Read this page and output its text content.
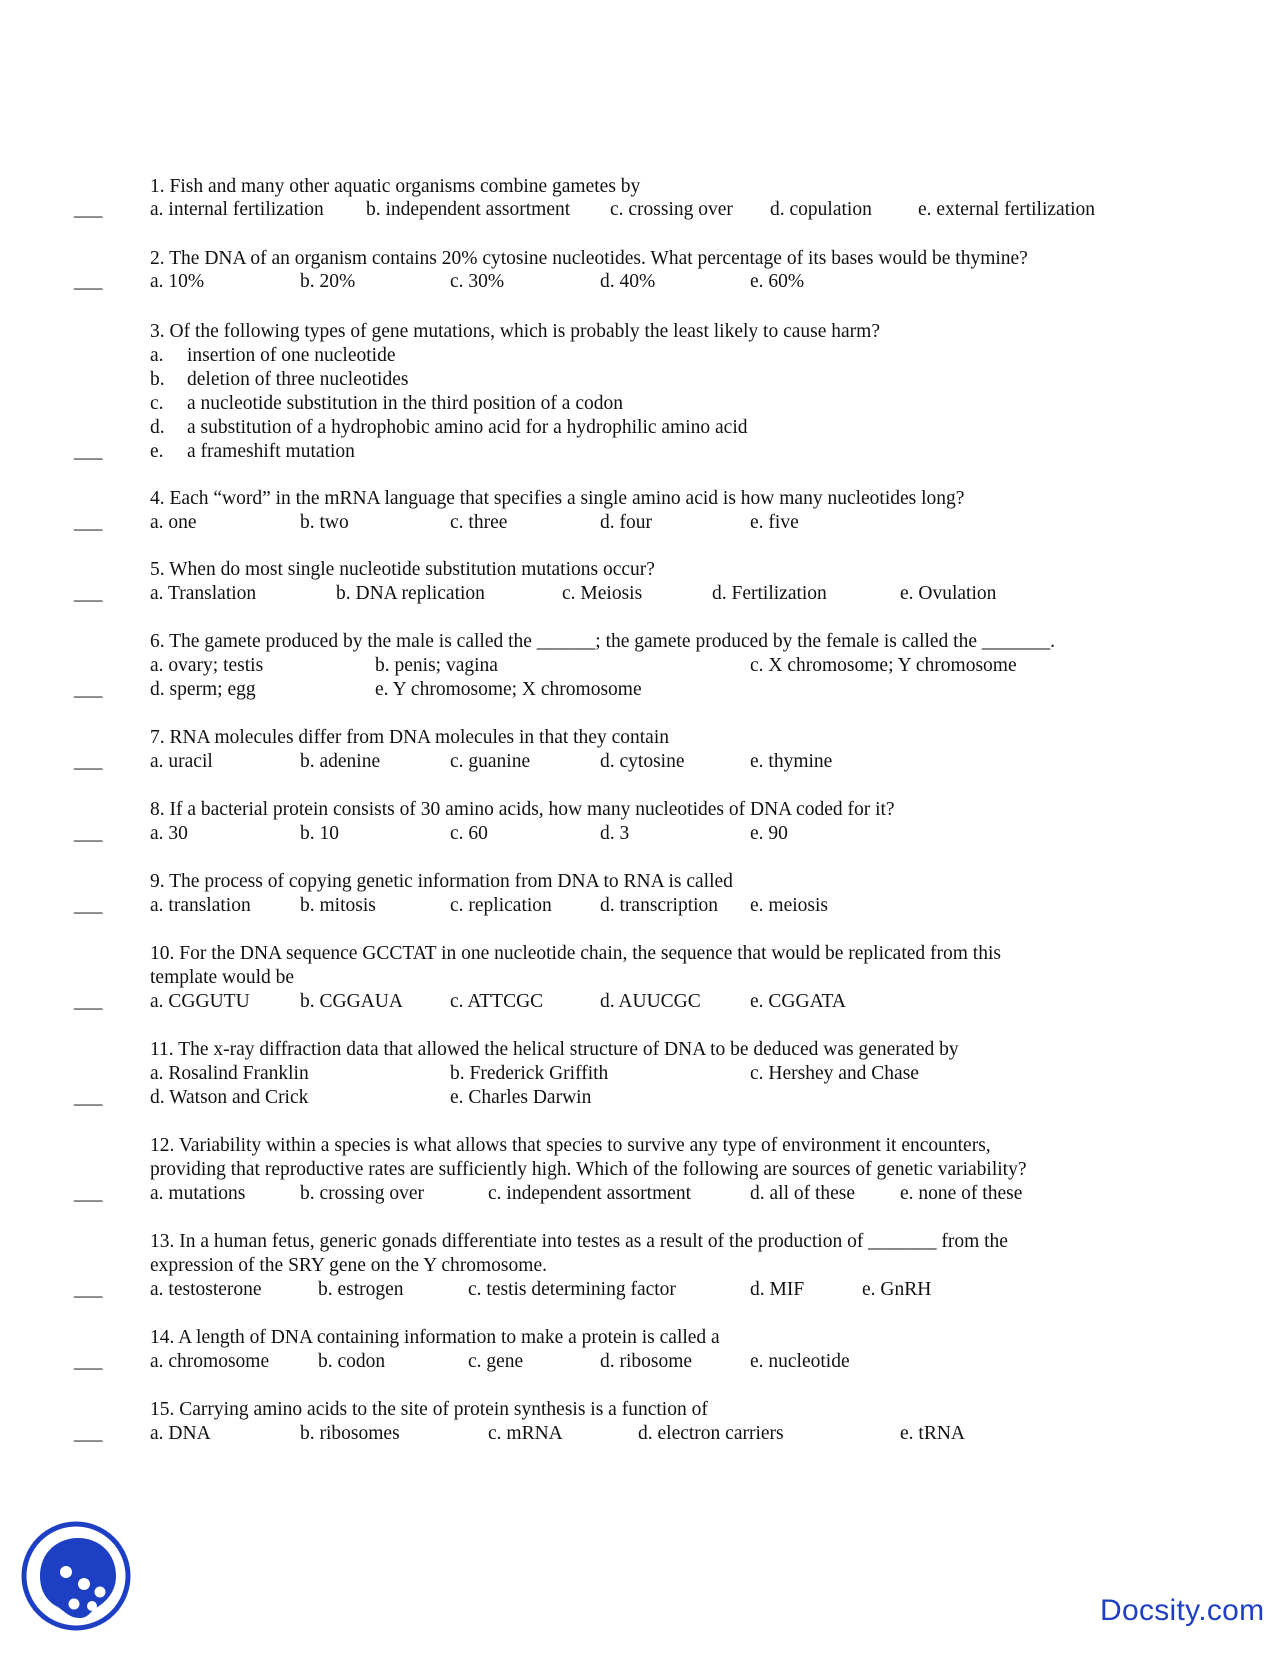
1. Fish and many other aquatic organisms combine gametes by
___ a. internal fertilization b. independent assortment c. crossing over d. copulation e. external fertilization
2. The DNA of an organism contains 20% cytosine nucleotides. What percentage of its bases would be thymine?
___ a. 10%	b. 20%	c. 30%	d. 40%	e. 60%
3. Of the following types of gene mutations, which is probably the least likely to cause harm?
a. insertion of one nucleotide
b. deletion of three nucleotides
c. a nucleotide substitution in the third position of a codon
d. a substitution of a hydrophobic amino acid for a hydrophilic amino acid
___ e. a frameshift mutation
4. Each “word” in the mRNA language that specifies a single amino acid is how many nucleotides long?
___ a. one	b. two	c. three	d. four	e. five
5. When do most single nucleotide substitution mutations occur?
___ a. Translation	b. DNA replication	c. Meiosis	d. Fertilization	e. Ovulation
6. The gamete produced by the male is called the ______; the gamete produced by the female is called the _______.
a. ovary; testis	b. penis; vagina	c. X chromosome; Y chromosome
___ d. sperm; egg	e. Y chromosome; X chromosome
7. RNA molecules differ from DNA molecules in that they contain
___ a. uracil	b. adenine	c. guanine	d. cytosine	e. thymine
8. If a bacterial protein consists of 30 amino acids, how many nucleotides of DNA coded for it?
___ a. 30	b. 10	c. 60	d. 3	e. 90
9. The process of copying genetic information from DNA to RNA is called
___ a. translation	b. mitosis	c. replication d. transcription e. meiosis
10. For the DNA sequence GCCTAT in one nucleotide chain, the sequence that would be replicated from this
template would be
___ a. CGGUTU	b. CGGAUA c. ATTCGC	d. AUUCGC	e. CGGATA
11. The x-ray diffraction data that allowed the helical structure of DNA to be deduced was generated by
a. Rosalind Franklin	b. Frederick Griffith	c. Hershey and Chase
___ d. Watson and Crick	e. Charles Darwin
12. Variability within a species is what allows that species to survive any type of environment it encounters,
providing that reproductive rates are sufficiently high. Which of the following are sources of genetic variability?
___ a. mutations	b. crossing over	c. independent assortment	d. all of these e. none of these
13. In a human fetus, generic gonads differentiate into testes as a result of the production of _______ from the
expression of the SRY gene on the Y chromosome.
___ a. testosterone	b. estrogen	c. testis determining factor	d. MIF	e. GnRH
14. A length of DNA containing information to make a protein is called a
___ a. chromosome	b. codon	c. gene	d. ribosome	e. nucleotide
15. Carrying amino acids to the site of protein synthesis is a function of
___ a. DNA	b. ribosomes	c. mRNA	d. electron carriers	e. tRNA
Docsity.com
